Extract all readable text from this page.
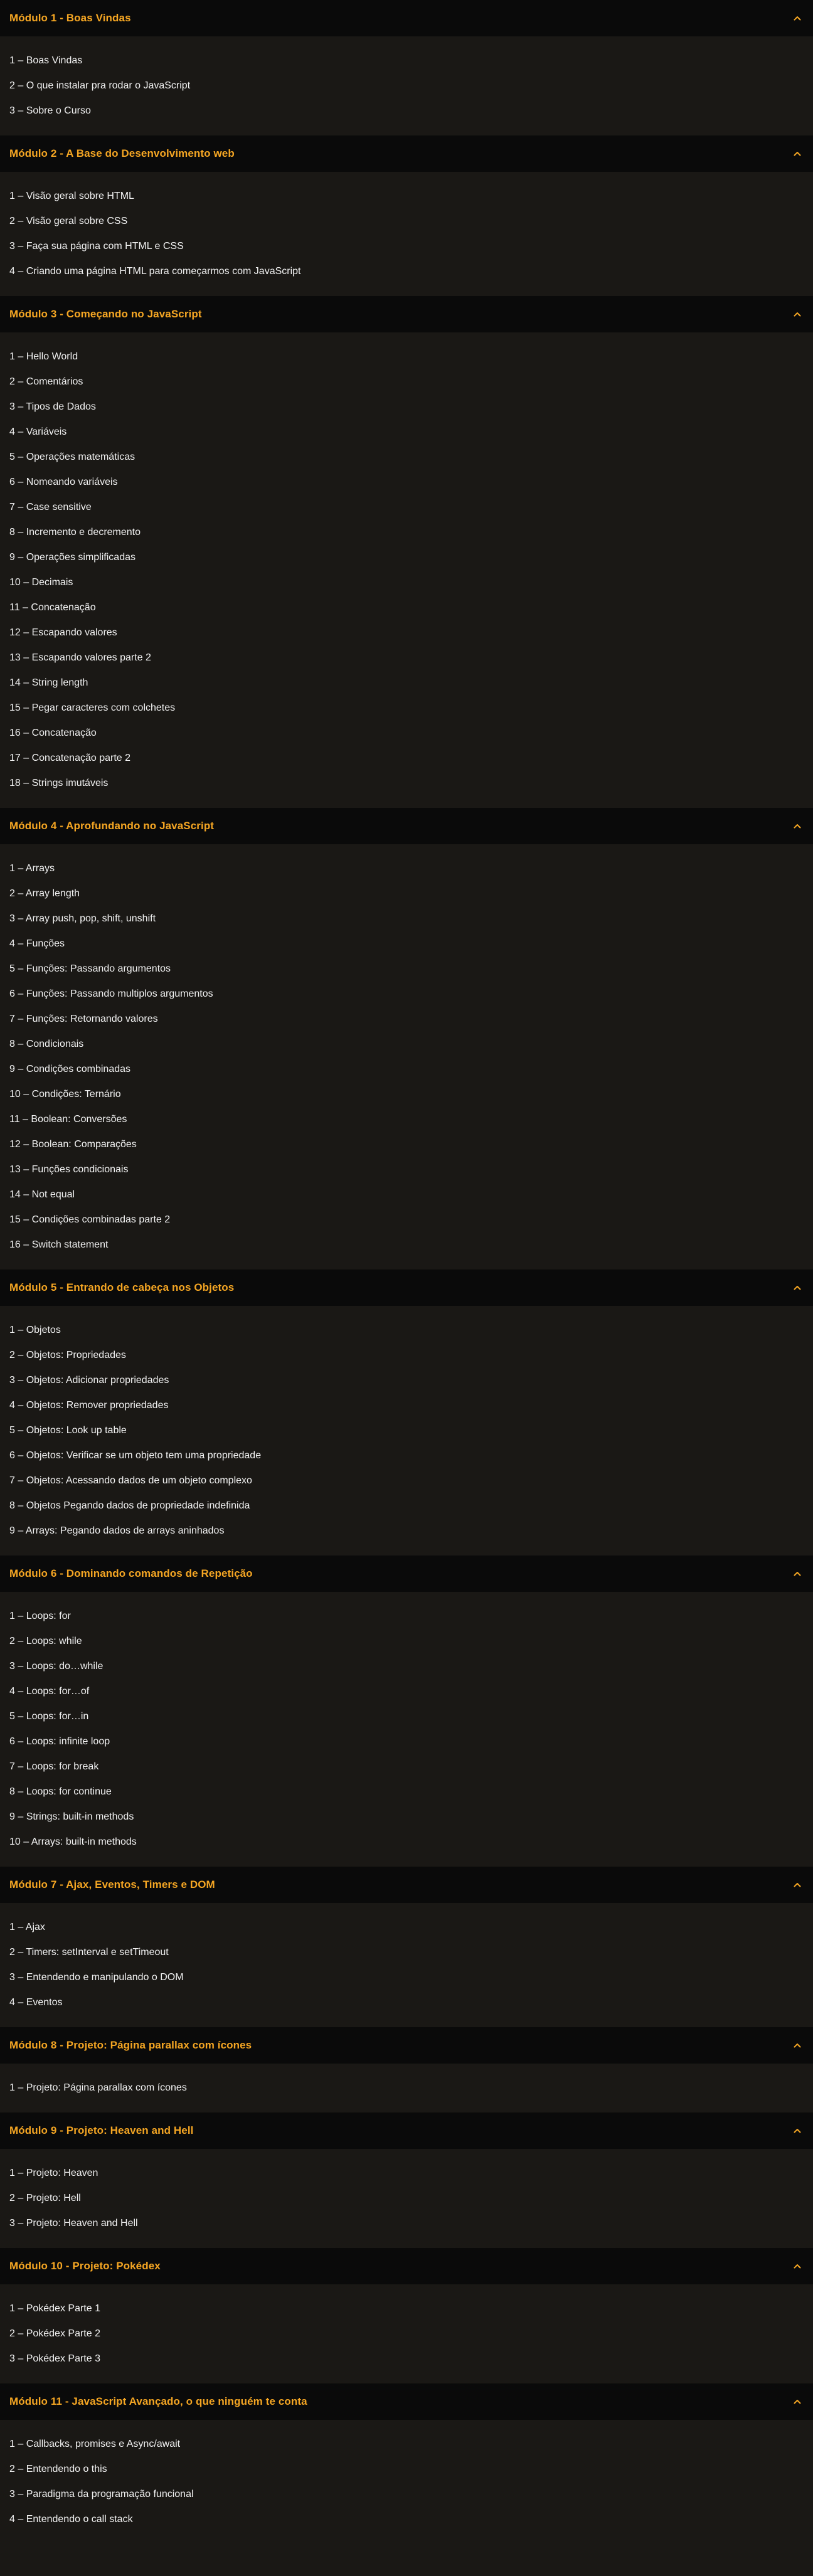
Módulo 1 - Boas Vindas
1 – Boas Vindas
2 – O que instalar pra rodar o JavaScript
3 – Sobre o Curso
Módulo 2 - A Base do Desenvolvimento web
1 – Visão geral sobre HTML
2 – Visão geral sobre CSS
3 – Faça sua página com HTML e CSS
4 – Criando uma página HTML para começarmos com JavaScript
Módulo 3 - Começando no JavaScript
1 – Hello World
2 – Comentários
3 – Tipos de Dados
4 – Variáveis
5 – Operações matemáticas
6 – Nomeando variáveis
7 – Case sensitive
8 – Incremento e decremento
9 – Operações simplificadas
10 – Decimais
11 – Concatenação
12 – Escapando valores
13 – Escapando valores parte 2
14 – String length
15 – Pegar caracteres com colchetes
16 – Concatenação
17 – Concatenação parte 2
18 – Strings imutáveis
Módulo 4 - Aprofundando no JavaScript
1 – Arrays
2 – Array length
3 – Array push, pop, shift, unshift
4 – Funções
5 – Funções: Passando argumentos
6 – Funções: Passando multiplos argumentos
7 – Funções: Retornando valores
8 – Condicionais
9 – Condições combinadas
10 – Condições: Ternário
11 – Boolean: Conversões
12 – Boolean: Comparações
13 – Funções condicionais
14 – Not equal
15 – Condições combinadas parte 2
16 – Switch statement
Módulo 5 - Entrando de cabeça nos Objetos
1 – Objetos
2 – Objetos: Propriedades
3 – Objetos: Adicionar propriedades
4 – Objetos: Remover propriedades
5 – Objetos: Look up table
6 – Objetos: Verificar se um objeto tem uma propriedade
7 – Objetos: Acessando dados de um objeto complexo
8 – Objetos Pegando dados de propriedade indefinida
9 – Arrays: Pegando dados de arrays aninhados
Módulo 6 - Dominando comandos de Repetição
1 – Loops: for
2 – Loops: while
3 – Loops: do…while
4 – Loops: for…of
5 – Loops: for…in
6 – Loops: infinite loop
7 – Loops: for break
8 – Loops: for continue
9 – Strings: built-in methods
10 – Arrays: built-in methods
Módulo 7 - Ajax, Eventos, Timers e DOM
1 – Ajax
2 – Timers: setInterval e setTimeout
3 – Entendendo e manipulando o DOM
4 – Eventos
Módulo 8 - Projeto: Página parallax com ícones
1 – Projeto: Página parallax com ícones
Módulo 9 - Projeto: Heaven and Hell
1 – Projeto: Heaven
2 – Projeto: Hell
3 – Projeto: Heaven and Hell
Módulo 10 - Projeto: Pokédex
1 – Pokédex Parte 1
2 – Pokédex Parte 2
3 – Pokédex Parte 3
Módulo 11 - JavaScript Avançado, o que ninguém te conta
1 – Callbacks, promises e Async/await
2 – Entendendo o this
3 – Paradigma da programação funcional
4 – Entendendo o call stack
